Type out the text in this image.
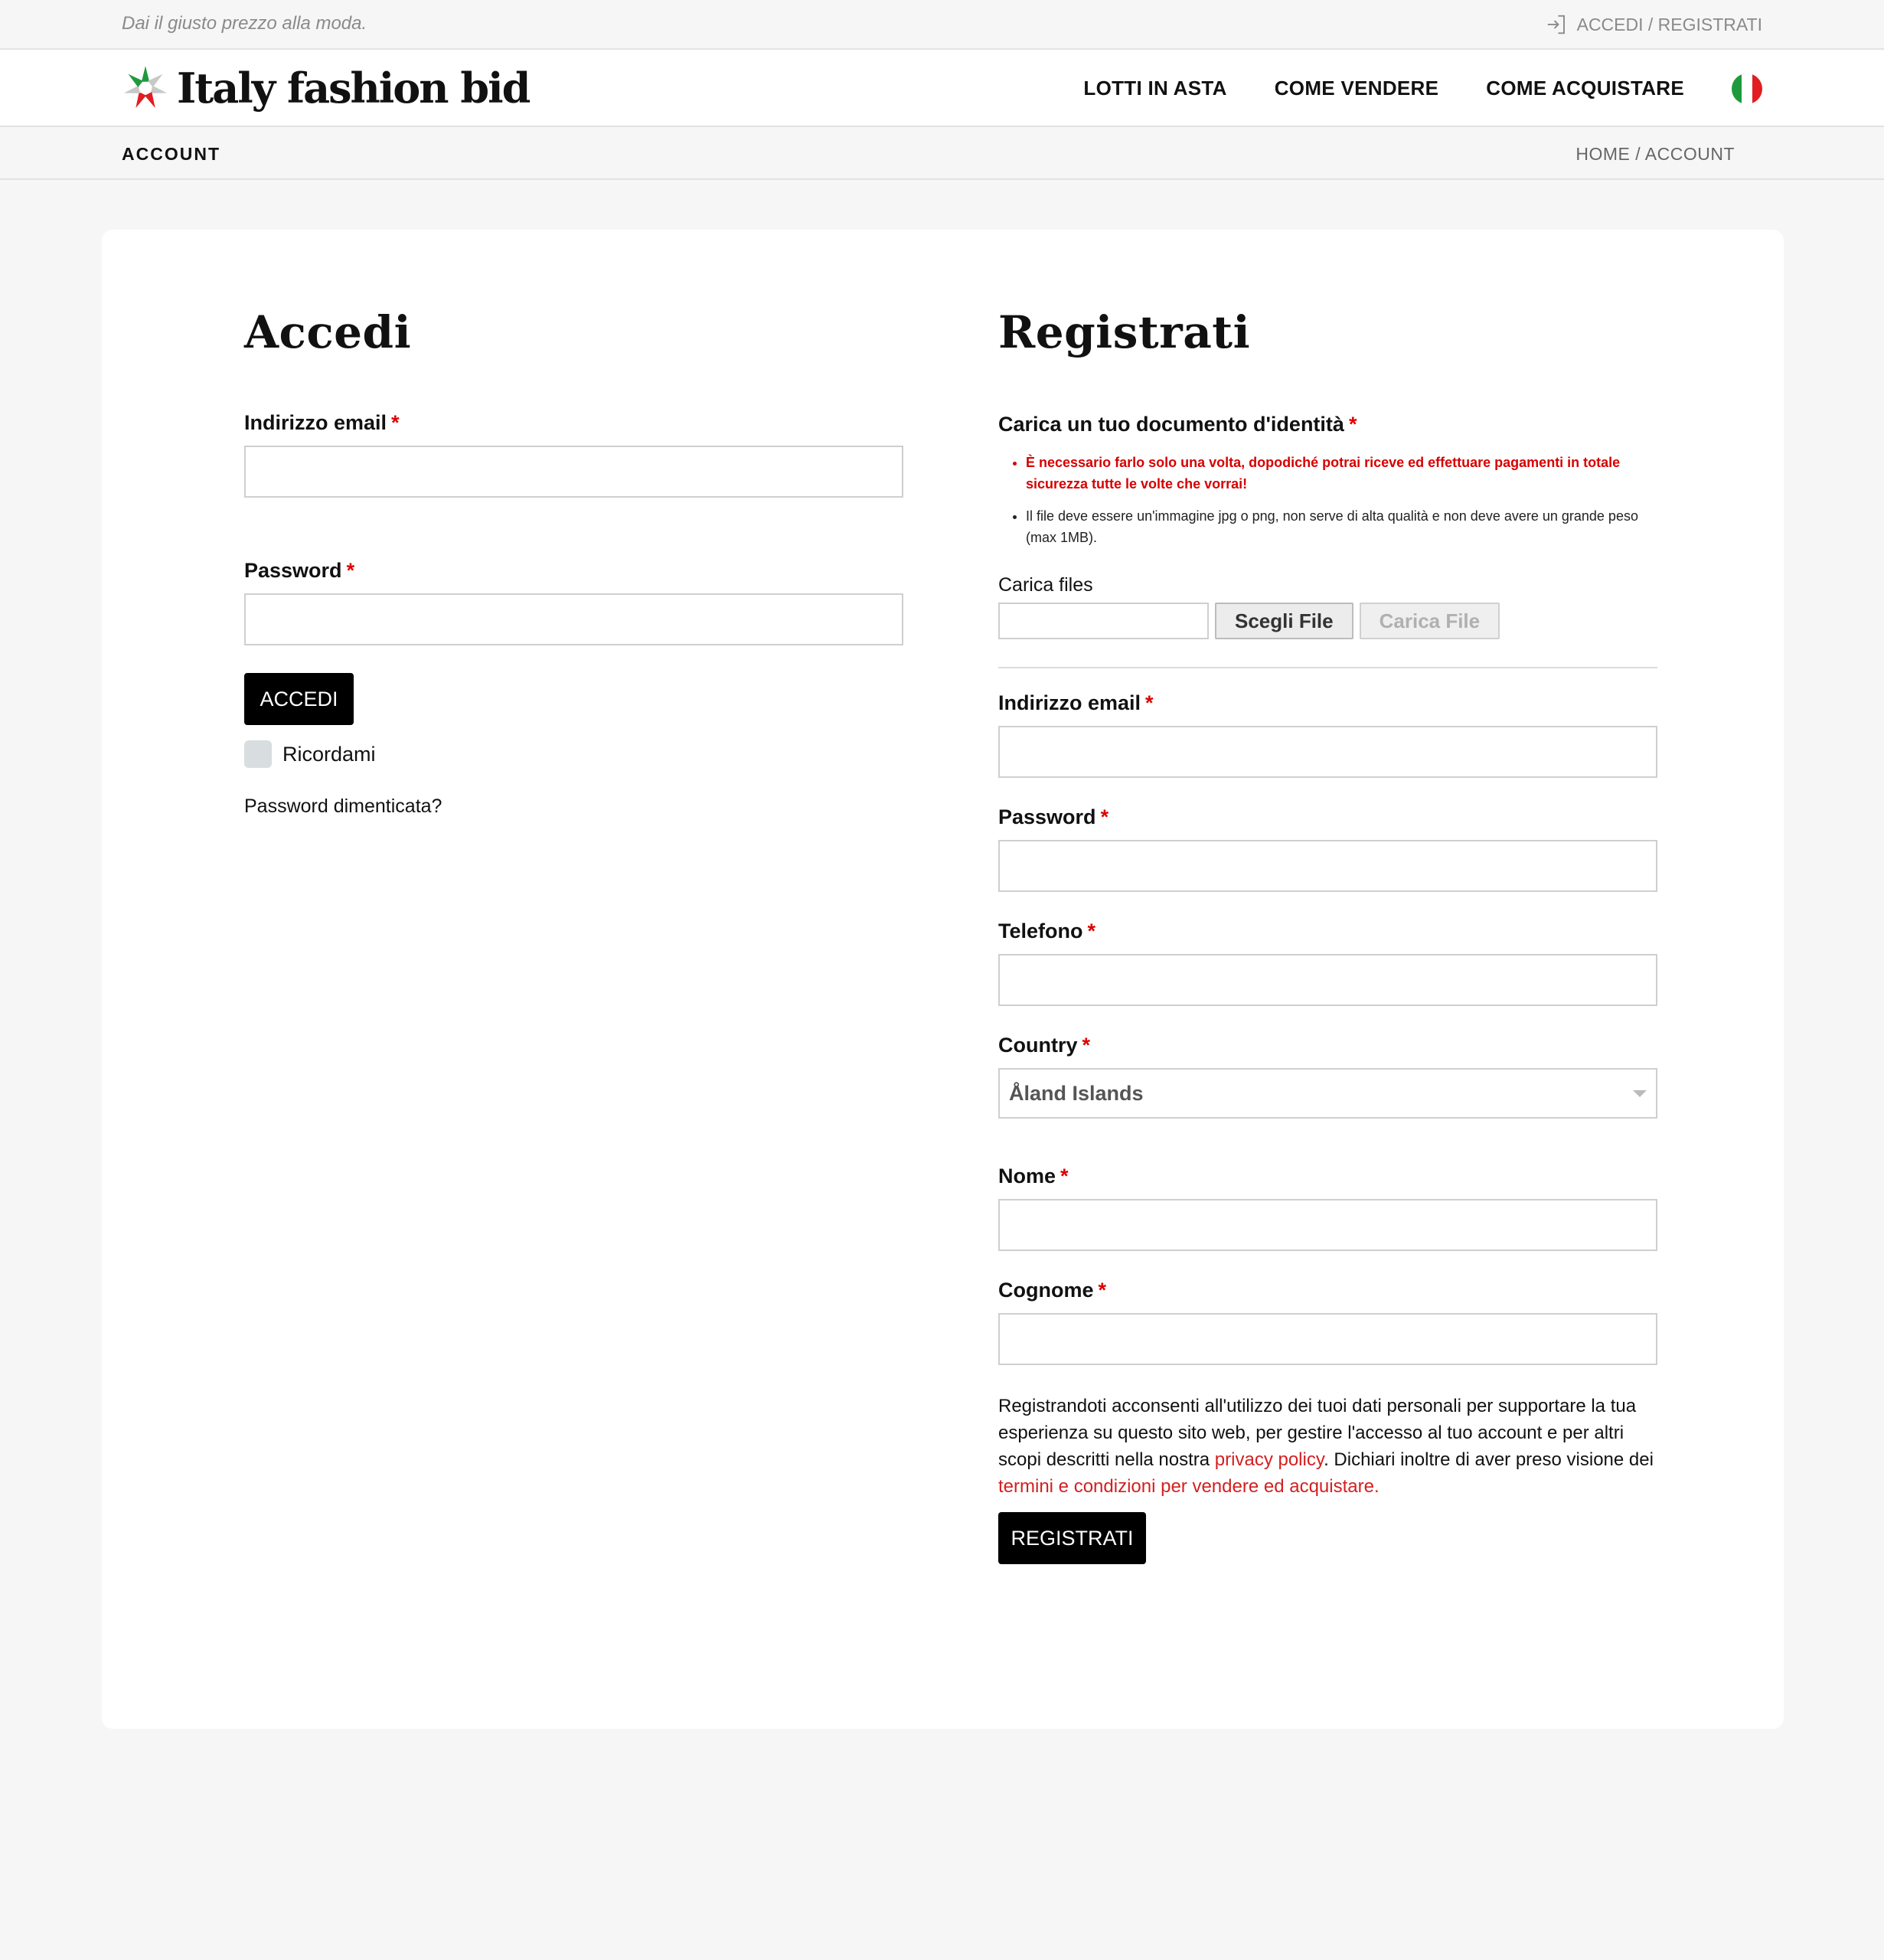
Dai il giusto prezzo alla moda.	ACCEDI / REGISTRATI
Italy fashion bid	LOTTI IN ASTA COME VENDERE COME ACQUISTARE
ACCOUNT	HOME / ACCOUNT
Accedi
Indirizzo email *
Password *
ACCEDI
Ricordami
Password dimenticata?
Registrati
Carica un tuo documento d'identità *
• È necessario farlo solo una volta, dopodiché potrai riceve ed effettuare pagamenti in totale sicurezza tutte le volte che vorrai!
• Il file deve essere un'immagine jpg o png, non serve di alta qualità e non deve avere un grande peso (max 1MB).
Carica files
Scegli File	Carica File
Indirizzo email *
Password *
Telefono *
Country *
Åland Islands
Nome *
Cognome *

Registrandoti acconsenti all'utilizzo dei tuoi dati personali per supportare la tua esperienza su questo sito web, per gestire l'accesso al tuo account e per altri scopi descritti nella nostra privacy policy. Dichiari inoltre di aver preso visione dei termini e condizioni per vendere ed acquistare.

REGISTRATI
